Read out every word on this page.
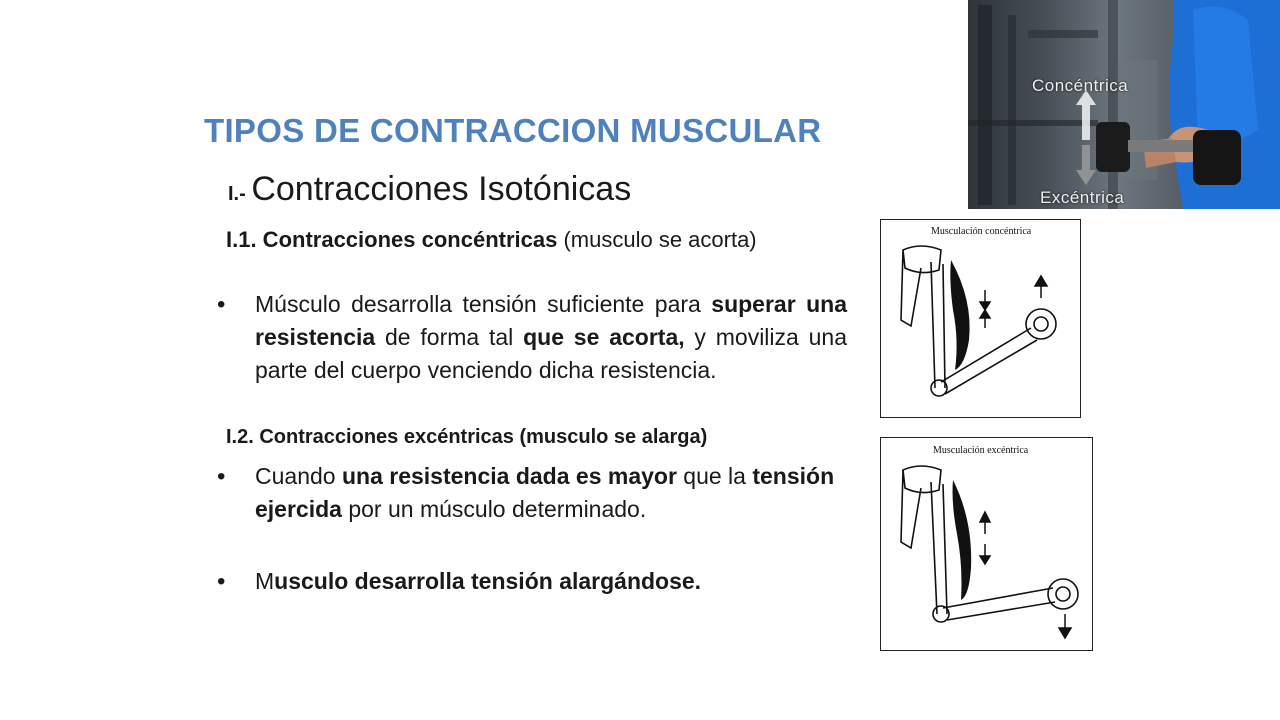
TIPOS DE CONTRACCION MUSCULAR
I.- Contracciones Isotónicas
I.1. Contracciones concéntricas (musculo se acorta)
• Músculo desarrolla tensión suficiente para superar una resistencia de forma tal que se acorta, y moviliza una parte del cuerpo venciendo dicha resistencia.
I.2. Contracciones excéntricas (musculo se alarga)
• Cuando una resistencia dada es mayor que la tensión ejercida por un músculo determinado.
• Musculo desarrolla tensión alargándose.
Concéntrica
Excéntrica
Musculación concéntrica
Musculación excéntrica
